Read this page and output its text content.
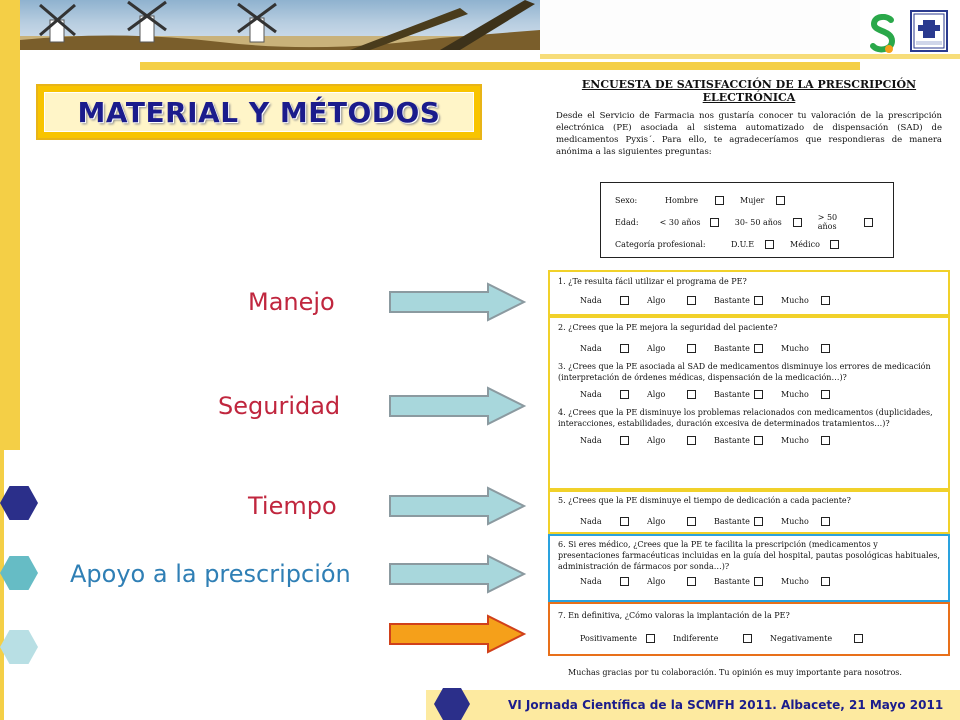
MATERIAL Y MÉTODOS
Manejo
Seguridad
Tiempo
Apoyo a la prescripción
ENCUESTA DE SATISFACCIÓN DE LA PRESCRIPCIÓN
ELECTRÓNICA
Desde el Servicio de Farmacia nos gustaría conocer tu valoración de la prescripción electrónica (PE) asociada al sistema automatizado de dispensación (SAD) de medicamentos Pyxis´. Para ello, te agradeceríamos que respondieras de manera anónima a las siguientes preguntas:
Sexo:	Hombre	Mujer
Edad:	< 30 años	30- 50 años	> 50 años
Categoría profesional:	D.U.E	Médico
1. ¿Te resulta fácil utilizar el programa de PE?
Nada	Algo	Bastante	Mucho
2. ¿Crees que la PE mejora la seguridad del paciente?
Nada	Algo	Bastante	Mucho
3. ¿Crees que la PE asociada al SAD de medicamentos disminuye los errores de medicación (interpretación de órdenes médicas, dispensación de la medicación…)?
Nada	Algo	Bastante	Mucho
4. ¿Crees que la PE disminuye los problemas relacionados con medicamentos (duplicidades, interacciones, estabilidades, duración excesiva de determinados tratamientos…)?
Nada	Algo	Bastante	Mucho
5. ¿Crees que la PE disminuye el tiempo de dedicación a cada paciente?
Nada	Algo	Bastante	Mucho
6. Si eres médico, ¿Crees que la PE te facilita la prescripción (medicamentos y presentaciones farmacéuticas incluidas en la guía del hospital, pautas posológicas habituales, administración de fármacos por sonda…)?
Nada	Algo	Bastante	Mucho
7. En definitiva, ¿Cómo valoras la implantación de la PE?
Positivamente	Indiferente	Negativamente
Muchas gracias por tu colaboración. Tu opinión es muy importante para nosotros.
VI Jornada Científica de la SCMFH 2011. Albacete, 21 Mayo 2011
